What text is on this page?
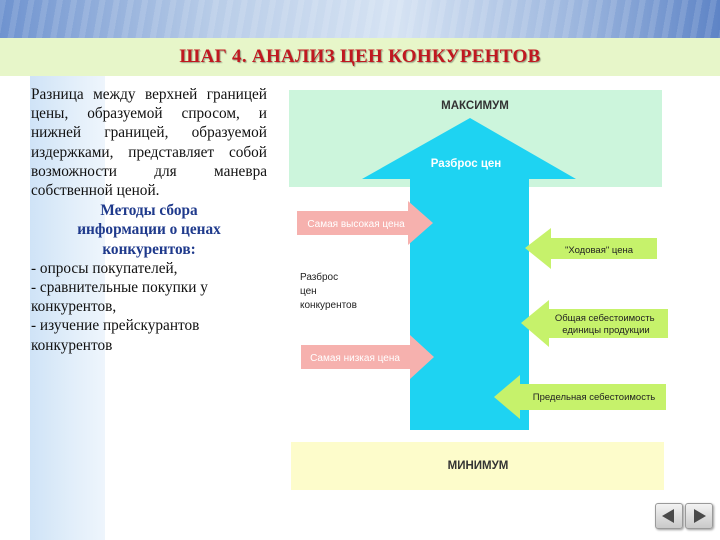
ШАГ 4. АНАЛИЗ ЦЕН КОНКУРЕНТОВ
Разница между верхней границей цены, образуемой спросом, и нижней границей, образуемой издержками, представляет собой возможности для маневра собственной ценой.
Методы сбора
информации о ценах
конкурентов:
- опросы покупателей,
- сравнительные покупки у конкурентов,
- изучение прейскурантов конкурентов
МАКСИМУМ
МИНИМУМ
Разброс цен
Разброс цен конкурентов
Самая высокая цена
Самая низкая цена
"Ходовая" цена
Общая себестоимость единицы продукции
Предельная себестоимость
